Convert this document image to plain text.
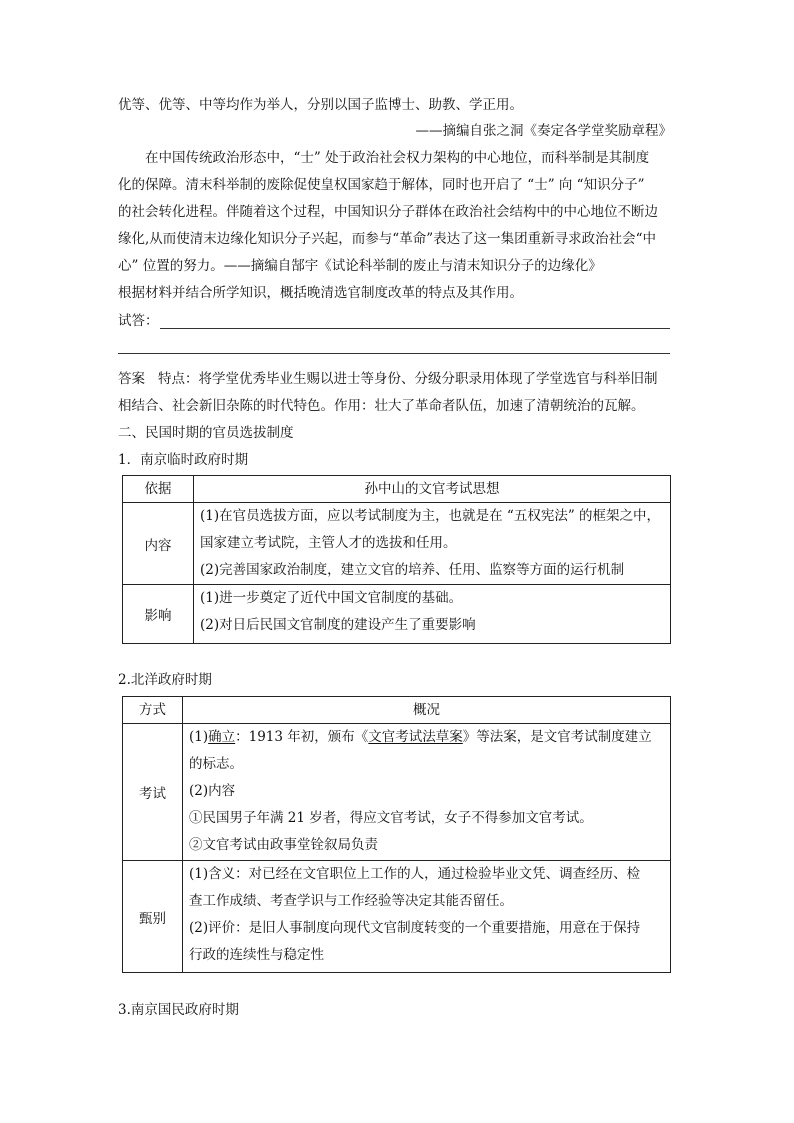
优等、优等、中等均作为举人，分别以国子监博士、助教、学正用。
——摘编自张之洞《奏定各学堂奖励章程》
在中国传统政治形态中，“士” 处于政治社会权力架构的中心地位，而科举制是其制度
化的保障。清末科举制的废除促使皇权国家趋于解体，同时也开启了 “士” 向 “知识分子”
的社会转化进程。伴随着这个过程，中国知识分子群体在政治社会结构中的中心地位不断边
缘化,从而使清末边缘化知识分子兴起，而参与“革命”表达了这一集团重新寻求政治社会“中
心” 位置的努力。——摘编自郜宇《试论科举制的废止与清末知识分子的边缘化》
根据材料并结合所学知识，概括晚清选官制度改革的特点及其作用。
试答：
答案 特点：将学堂优秀毕业生赐以进士等身份、分级分职录用体现了学堂选官与科举旧制
相结合、社会新旧杂陈的时代特色。作用：壮大了革命者队伍，加速了清朝统治的瓦解。
二、民国时期的官员选拔制度
1．南京临时政府时期
依据	孙中山的文官考试思想
内容	(1)在官员选拔方面，应以考试制度为主，也就是在 “五权宪法” 的框架之中，
国家建立考试院，主管人才的选拔和任用。
(2)完善国家政治制度，建立文官的培养、任用、监察等方面的运行机制

影响	(1)进一步奠定了近代中国文官制度的基础。
(2)对日后民国文官制度的建设产生了重要影响
2.北洋政府时期
方式	概况
考试	(1)确立：1913 年初，颁布《文官考试法草案》等法案，是文官考试制度建立
的标志。
(2)内容
①民国男子年满 21 岁者，得应文官考试，女子不得参加文官考试。
②文官考试由政事堂铨叙局负责

甄别	(1)含义：对已经在文官职位上工作的人，通过检验毕业文凭、调查经历、检
查工作成绩、考查学识与工作经验等决定其能否留任。
(2)评价：是旧人事制度向现代文官制度转变的一个重要措施，用意在于保持
行政的连续性与稳定性
3.南京国民政府时期
